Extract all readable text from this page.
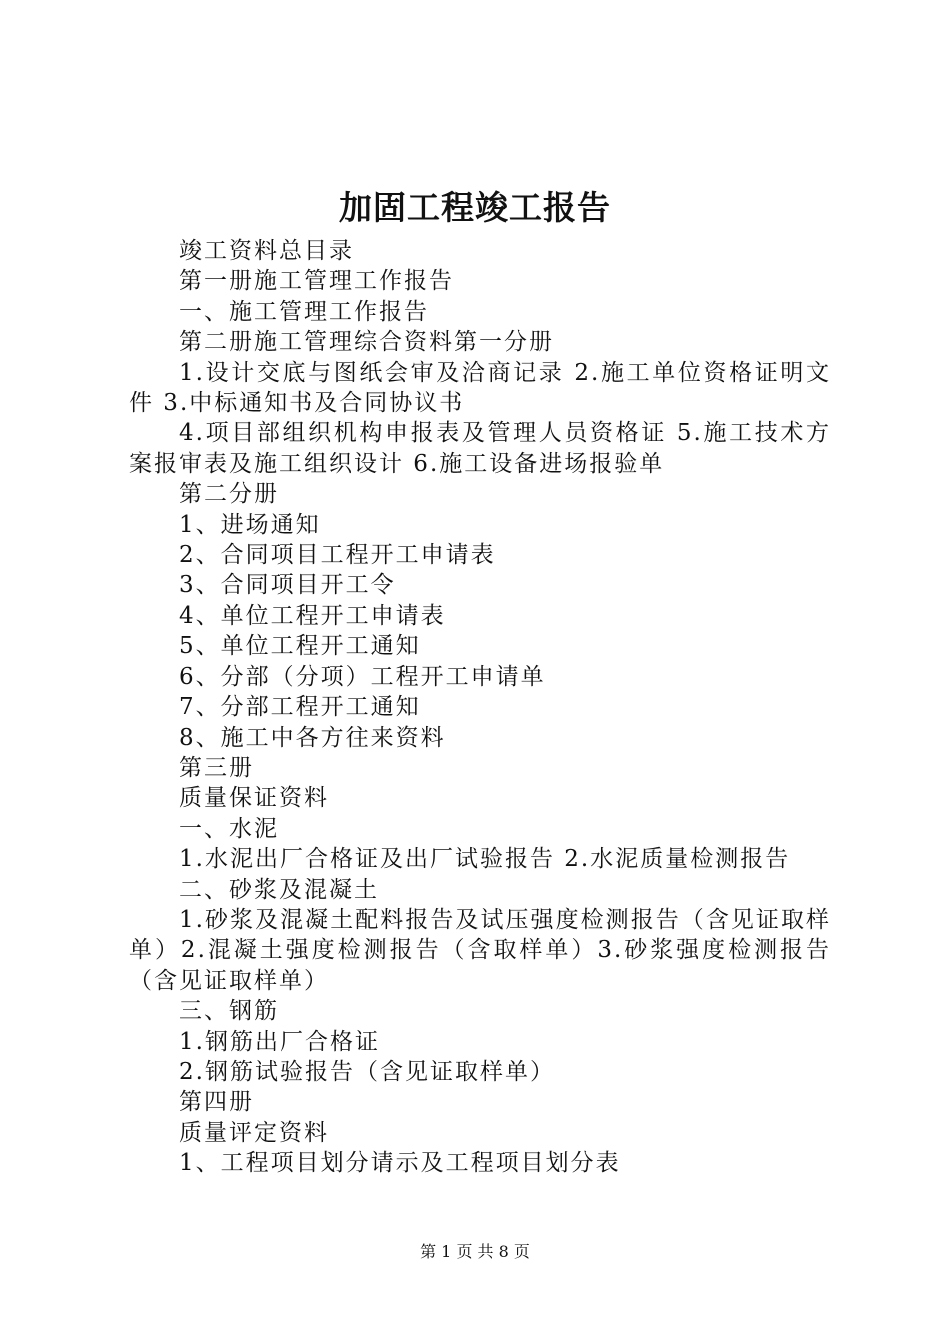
加固工程竣工报告

竣工资料总目录

第一册施工管理工作报告

一、施工管理工作报告

第二册施工管理综合资料第一分册

1.设计交底与图纸会审及洽商记录 2.施工单位资格证明文件 3.中标通知书及合同协议书

4.项目部组织机构申报表及管理人员资格证 5.施工技术方案报审表及施工组织设计 6.施工设备进场报验单

第二分册

1、进场通知

2、合同项目工程开工申请表

3、合同项目开工令

4、单位工程开工申请表

5、单位工程开工通知

6、分部（分项）工程开工申请单

7、分部工程开工通知

8、施工中各方往来资料

第三册

质量保证资料

一、水泥

1.水泥出厂合格证及出厂试验报告 2.水泥质量检测报告

二、砂浆及混凝土

1.砂浆及混凝土配料报告及试压强度检测报告（含见证取样单）2.混凝土强度检测报告（含取样单）3.砂浆强度检测报告（含见证取样单）

三、钢筋

1.钢筋出厂合格证

2.钢筋试验报告（含见证取样单）

第四册

质量评定资料

1、工程项目划分请示及工程项目划分表

第 1 页 共 8 页
